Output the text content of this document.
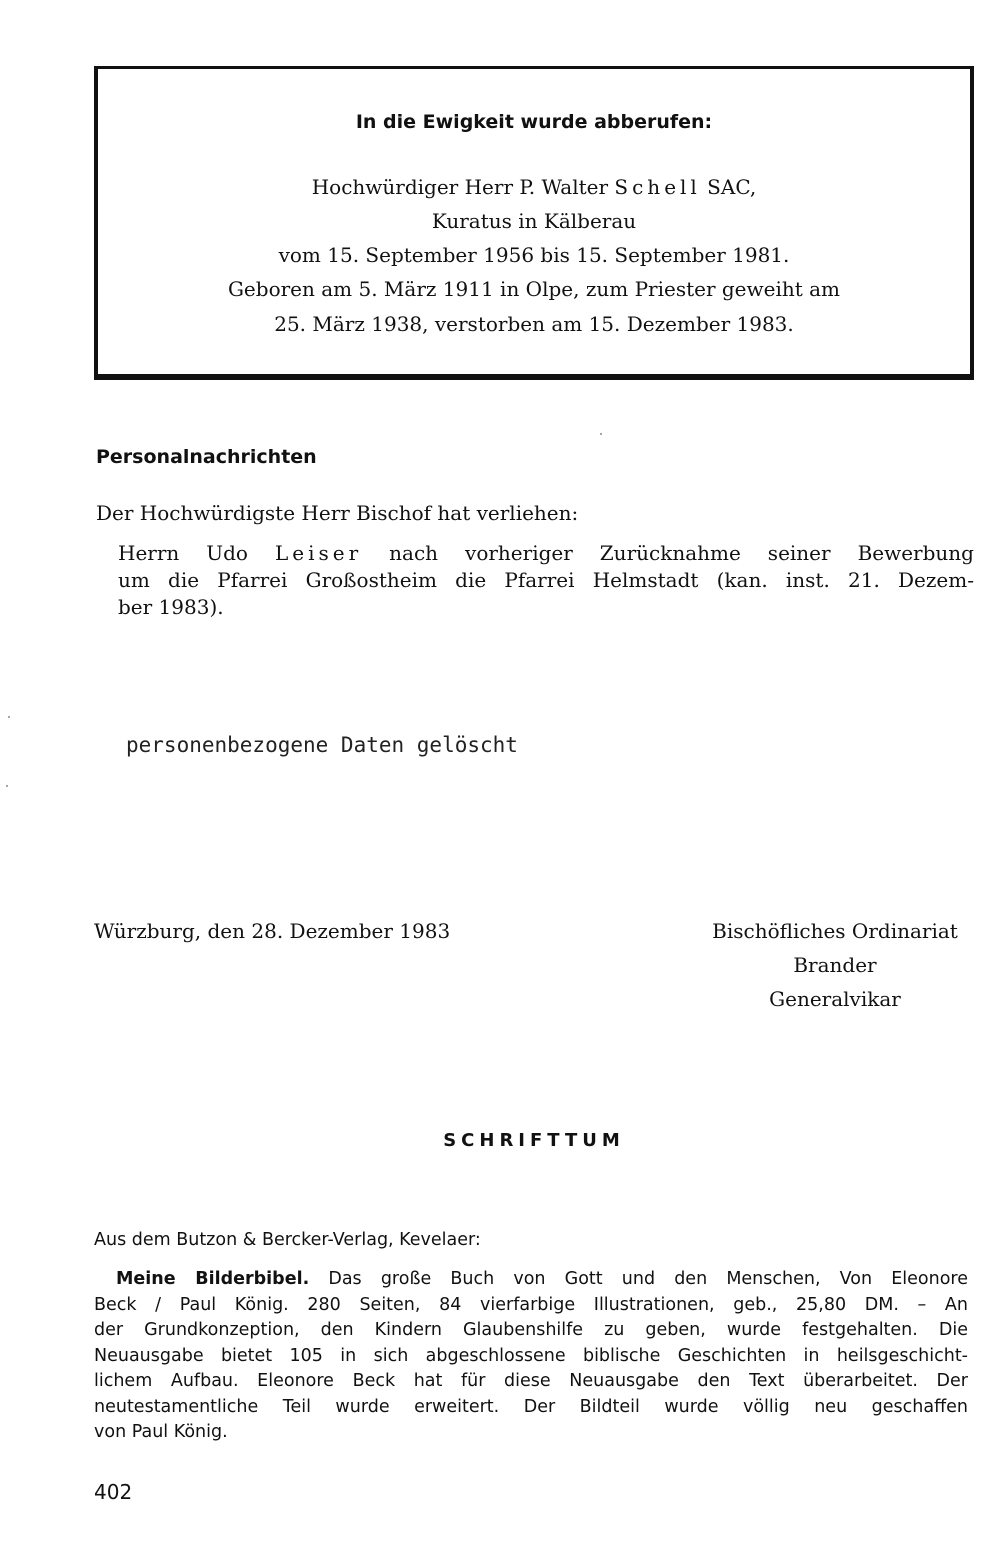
In die Ewigkeit wurde abberufen:
Hochwürdiger Herr P. Walter Schell SAC,
Kuratus in Kälberau
vom 15. September 1956 bis 15. September 1981.
Geboren am 5. März 1911 in Olpe, zum Priester geweiht am
25. März 1938, verstorben am 15. Dezember 1983.
Personalnachrichten
Der Hochwürdigste Herr Bischof hat verliehen:
Herrn Udo Leiser nach vorheriger Zurücknahme seiner Bewerbung
um die Pfarrei Großostheim die Pfarrei Helmstadt (kan. inst. 21. Dezem-
ber 1983).
personenbezogene Daten gelöscht
Würzburg, den 28. Dezember 1983	Bischöfliches Ordinariat
Brander
Generalvikar
SCHRIFTTUM
Aus dem Butzon & Bercker-Verlag, Kevelaer:
Meine Bilderbibel. Das große Buch von Gott und den Menschen, Von Eleonore
Beck / Paul König. 280 Seiten, 84 vierfarbige Illustrationen, geb., 25,80 DM. – An
der Grundkonzeption, den Kindern Glaubenshilfe zu geben, wurde festgehalten. Die
Neuausgabe bietet 105 in sich abgeschlossene biblische Geschichten in heilsgeschicht-
lichem Aufbau. Eleonore Beck hat für diese Neuausgabe den Text überarbeitet. Der
neutestamentliche Teil wurde erweitert. Der Bildteil wurde völlig neu geschaffen
von Paul König.
402
